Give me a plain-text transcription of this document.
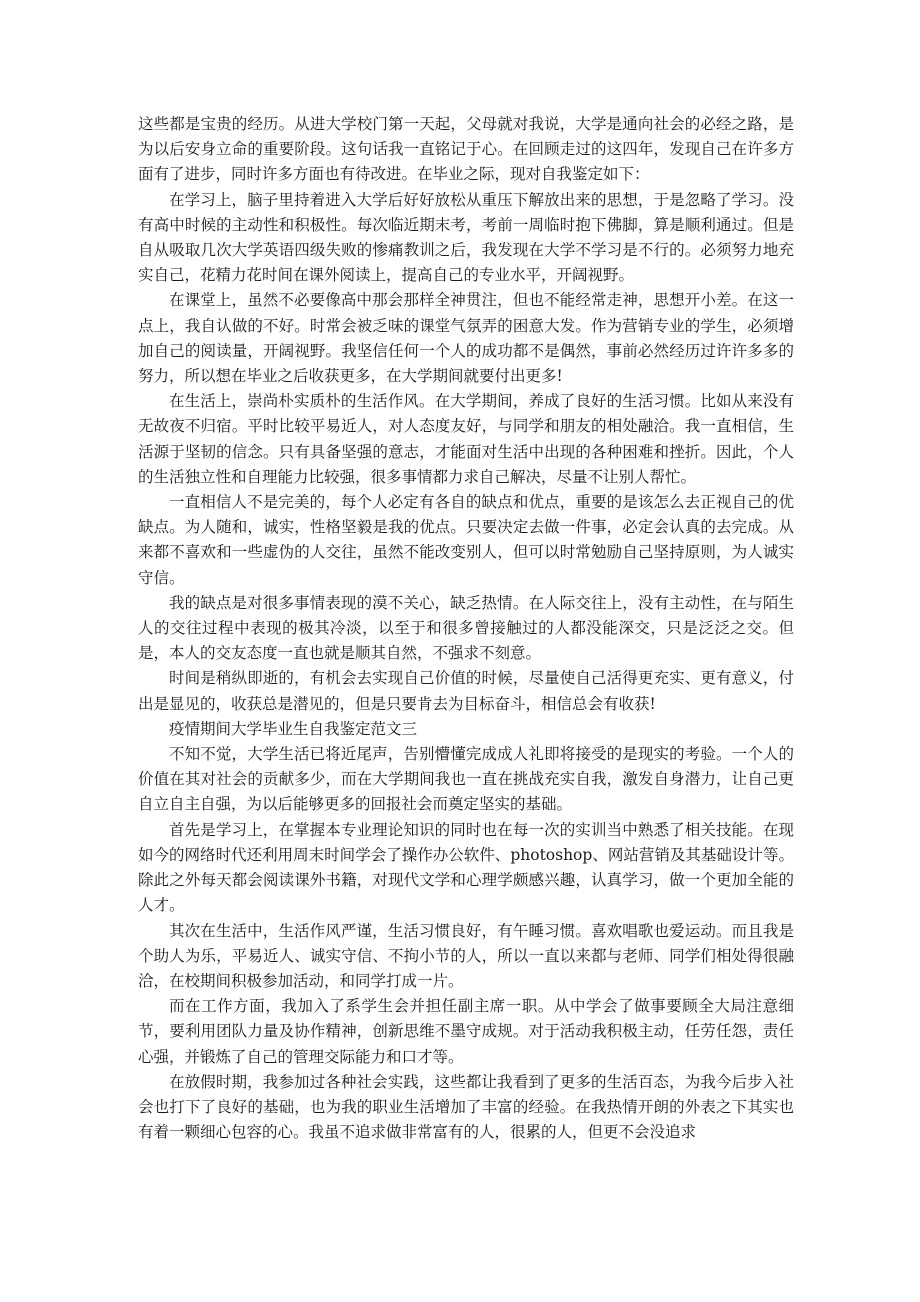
这些都是宝贵的经历。从进大学校门第一天起，父母就对我说，大学是通向社会的必经之路，是为以后安身立命的重要阶段。这句话我一直铭记于心。在回顾走过的这四年，发现自己在许多方面有了进步，同时许多方面也有待改进。在毕业之际，现对自我鉴定如下：

在学习上，脑子里持着进入大学后好好放松从重压下解放出来的思想，于是忽略了学习。没有高中时候的主动性和积极性。每次临近期末考，考前一周临时抱下佛脚，算是顺利通过。但是自从吸取几次大学英语四级失败的惨痛教训之后，我发现在大学不学习是不行的。必须努力地充实自己，花精力花时间在课外阅读上，提高自己的专业水平，开阔视野。

在课堂上，虽然不必要像高中那会那样全神贯注，但也不能经常走神，思想开小差。在这一点上，我自认做的不好。时常会被乏味的课堂气氛弄的困意大发。作为营销专业的学生，必须增加自己的阅读量，开阔视野。我坚信任何一个人的成功都不是偶然，事前必然经历过许许多多的努力，所以想在毕业之后收获更多，在大学期间就要付出更多!

在生活上，崇尚朴实质朴的生活作风。在大学期间，养成了良好的生活习惯。比如从来没有无故夜不归宿。平时比较平易近人，对人态度友好，与同学和朋友的相处融洽。我一直相信，生活源于坚韧的信念。只有具备坚强的意志，才能面对生活中出现的各种困难和挫折。因此，个人的生活独立性和自理能力比较强，很多事情都力求自己解决，尽量不让别人帮忙。

一直相信人不是完美的，每个人必定有各自的缺点和优点，重要的是该怎么去正视自己的优缺点。为人随和，诚实，性格坚毅是我的优点。只要决定去做一件事，必定会认真的去完成。从来都不喜欢和一些虚伪的人交往，虽然不能改变别人，但可以时常勉励自己坚持原则，为人诚实守信。

我的缺点是对很多事情表现的漠不关心，缺乏热情。在人际交往上，没有主动性，在与陌生人的交往过程中表现的极其冷淡，以至于和很多曾接触过的人都没能深交，只是泛泛之交。但是，本人的交友态度一直也就是顺其自然，不强求不刻意。

时间是稍纵即逝的，有机会去实现自己价值的时候，尽量使自己活得更充实、更有意义，付出是显见的，收获总是潜见的，但是只要肯去为目标奋斗，相信总会有收获!

疫情期间大学毕业生自我鉴定范文三

不知不觉，大学生活已将近尾声，告别懵懂完成成人礼即将接受的是现实的考验。一个人的价值在其对社会的贡献多少，而在大学期间我也一直在挑战充实自我，激发自身潜力，让自己更自立自主自强，为以后能够更多的回报社会而奠定坚实的基础。

首先是学习上，在掌握本专业理论知识的同时也在每一次的实训当中熟悉了相关技能。在现如今的网络时代还利用周末时间学会了操作办公软件、photoshop、网站营销及其基础设计等。除此之外每天都会阅读课外书籍，对现代文学和心理学颇感兴趣，认真学习，做一个更加全能的人才。

其次在生活中，生活作风严谨，生活习惯良好，有午睡习惯。喜欢唱歌也爱运动。而且我是个助人为乐，平易近人、诚实守信、不拘小节的人，所以一直以来都与老师、同学们相处得很融洽，在校期间积极参加活动，和同学打成一片。

而在工作方面，我加入了系学生会并担任副主席一职。从中学会了做事要顾全大局注意细节，要利用团队力量及协作精神，创新思维不墨守成规。对于活动我积极主动，任劳任怨，责任心强，并锻炼了自己的管理交际能力和口才等。

在放假时期，我参加过各种社会实践，这些都让我看到了更多的生活百态，为我今后步入社会也打下了良好的基础，也为我的职业生活增加了丰富的经验。在我热情开朗的外表之下其实也有着一颗细心包容的心。我虽不追求做非常富有的人，很累的人，但更不会没追求
